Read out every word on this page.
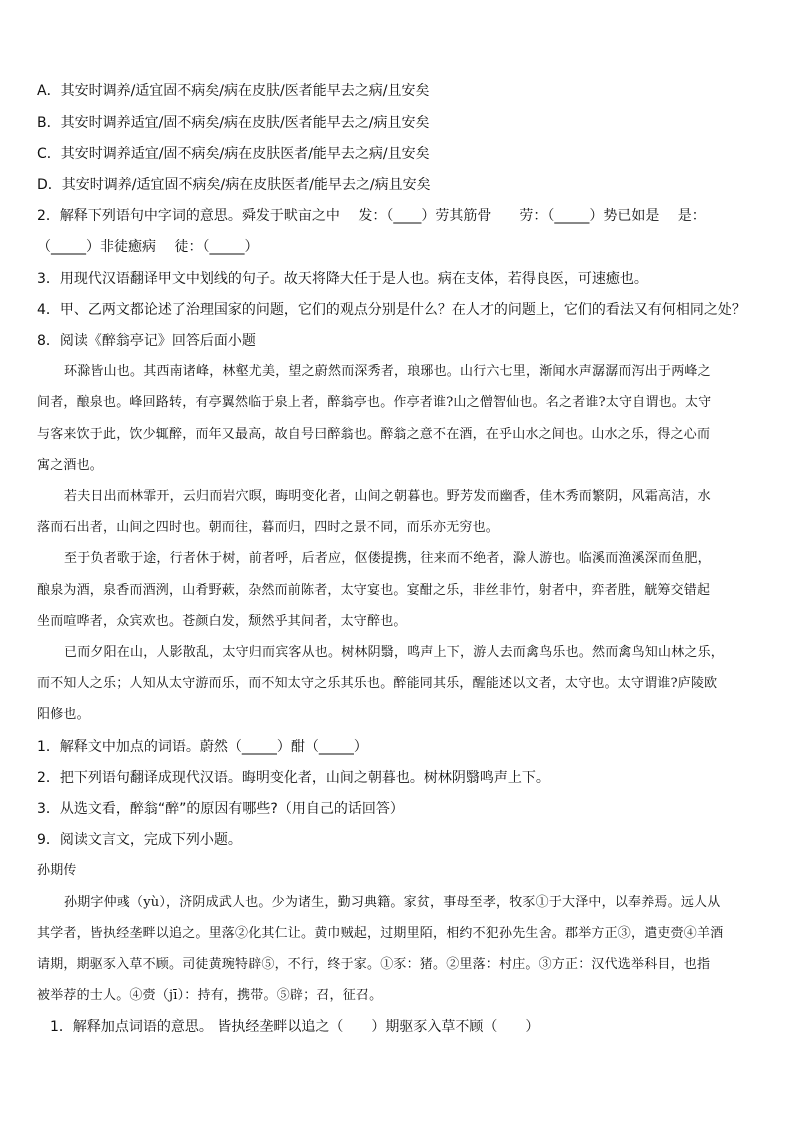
A．其安时调养/适宜固不病矣/病在皮肤/医者能早去之病/且安矣
B．其安时调养适宜/固不病矣/病在皮肤/医者能早去之/病且安矣
C．其安时调养适宜/固不病矣/病在皮肤医者/能早去之病/且安矣
D．其安时调养/适宜固不病矣/病在皮肤医者/能早去之/病且安矣
2．解释下列语句中字词的意思。舜发于畎亩之中　 发：（____）劳其筋骨　　劳：（_____）势已如是　 是：
（_____）非徒癒病　 徒：（_____）
3．用现代汉语翻译甲文中划线的句子。故天将降大任于是人也。病在支体，若得良医，可速癒也。
4．甲、乙两文都论述了治理国家的问题，它们的观点分别是什么？在人才的问题上，它们的看法又有何相同之处？
8．阅读《醉翁亭记》回答后面小题
环滁皆山也。其西南诸峰，林壑尤美，望之蔚然而深秀者，琅琊也。山行六七里，渐闻水声潺潺而泻出于两峰之
间者，酿泉也。峰回路转，有亭翼然临于泉上者，醉翁亭也。作亭者谁?山之僧智仙也。名之者谁?太守自谓也。太守
与客来饮于此，饮少辄醉，而年又最高，故自号曰醉翁也。醉翁之意不在酒，在乎山水之间也。山水之乐，得之心而
寓之酒也。
若夫日出而林霏开，云归而岩穴暝，晦明变化者，山间之朝暮也。野芳发而幽香，佳木秀而繁阴，风霜高洁，水
落而石出者，山间之四时也。朝而往，暮而归，四时之景不同，而乐亦无穷也。
至于负者歌于途，行者休于树，前者呼，后者应，伛偻提携，往来而不绝者，滁人游也。临溪而渔溪深而鱼肥，
酿泉为酒，泉香而酒洌，山肴野蔌，杂然而前陈者，太守宴也。宴酣之乐，非丝非竹，射者中，弈者胜，觥筹交错起
坐而喧哗者，众宾欢也。苍颜白发，颓然乎其间者，太守醉也。
已而夕阳在山，人影散乱，太守归而宾客从也。树林阴翳，鸣声上下，游人去而禽鸟乐也。然而禽鸟知山林之乐，
而不知人之乐；人知从太守游而乐，而不知太守之乐其乐也。醉能同其乐，醒能述以文者，太守也。太守谓谁?庐陵欧
阳修也。
1．解释文中加点的词语。蔚然（_____）酣（_____）
2．把下列语句翻译成现代汉语。晦明变化者，山间之朝暮也。树林阴翳鸣声上下。
3．从选文看，醉翁“醉”的原因有哪些?（用自己的话回答）
9．阅读文言文，完成下列小题。
孙期传
孙期字仲彧（yù），济阴成武人也。少为诸生，勤习典籍。家贫，事母至孝，牧豕①于大泽中，以奉养焉。远人从
其学者，皆执经垄畔以追之。里落②化其仁让。黄巾贼起，过期里陌，相约不犯孙先生舍。郡举方正③，遣吏赍④羊酒
请期，期驱豕入草不顾。司徒黄琬特辟⑤，不行，终于家。①豕：猪。②里落：村庄。③方正：汉代选举科目，也指
被举荐的士人。④赍（jī）：持有，携带。⑤辟；召，征召。
1．解释加点词语的意思。 皆执经垄畔以追之（　　）期驱豕入草不顾（　　）
